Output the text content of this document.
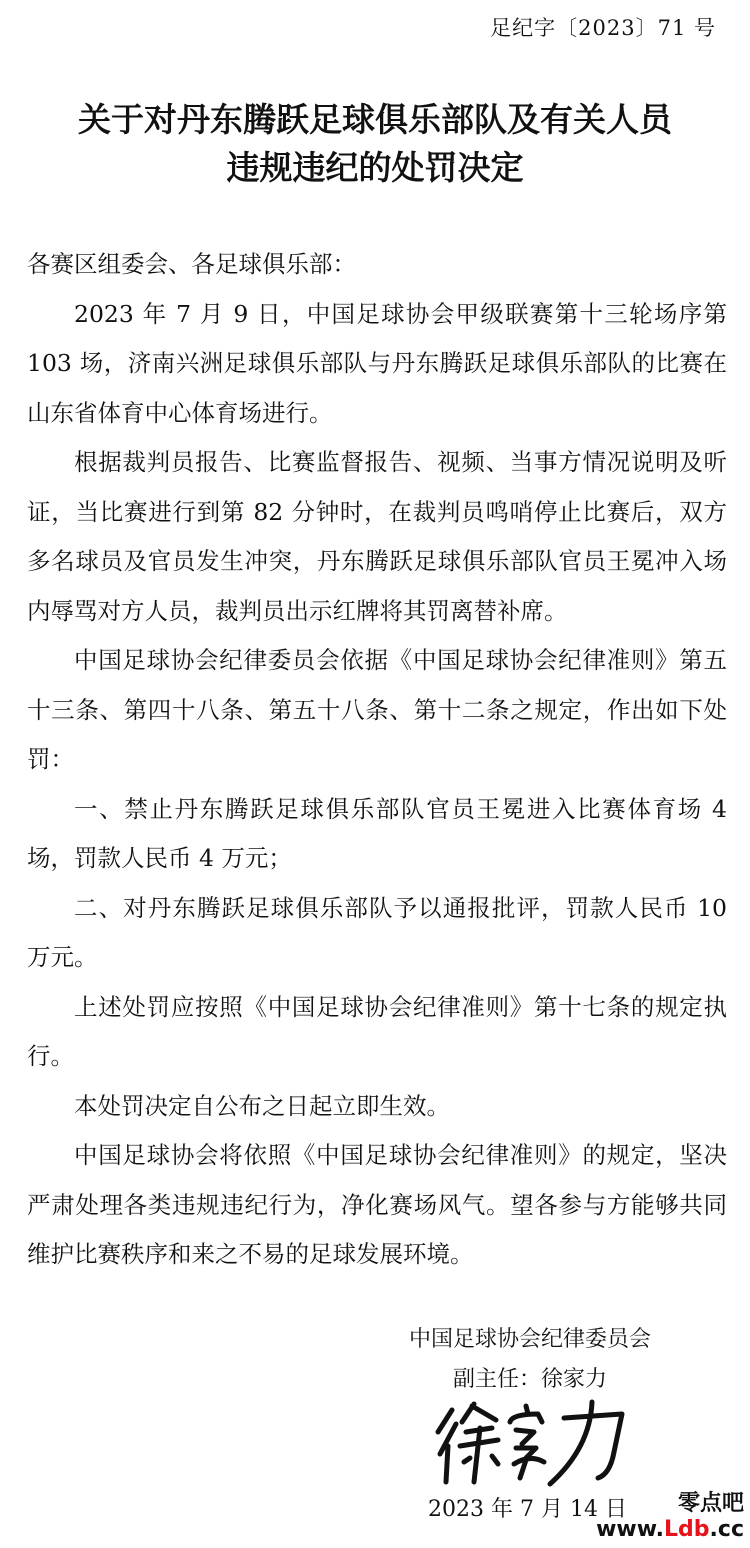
足纪字〔2023〕71 号
关于对丹东腾跃足球俱乐部队及有关人员
违规违纪的处罚决定

各赛区组委会、各足球俱乐部：

2023 年 7 月 9 日，中国足球协会甲级联赛第十三轮场序第 103 场，济南兴洲足球俱乐部队与丹东腾跃足球俱乐部队的比赛在山东省体育中心体育场进行。

根据裁判员报告、比赛监督报告、视频、当事方情况说明及听证，当比赛进行到第 82 分钟时，在裁判员鸣哨停止比赛后，双方多名球员及官员发生冲突，丹东腾跃足球俱乐部队官员王冕冲入场内辱骂对方人员，裁判员出示红牌将其罚离替补席。

中国足球协会纪律委员会依据《中国足球协会纪律准则》第五十三条、第四十八条、第五十八条、第十二条之规定，作出如下处罚：

一、禁止丹东腾跃足球俱乐部队官员王冕进入比赛体育场 4 场，罚款人民币 4 万元；

二、对丹东腾跃足球俱乐部队予以通报批评，罚款人民币 10 万元。

上述处罚应按照《中国足球协会纪律准则》第十七条的规定执行。

本处罚决定自公布之日起立即生效。

中国足球协会将依照《中国足球协会纪律准则》的规定，坚决严肃处理各类违规违纪行为，净化赛场风气。望各参与方能够共同维护比赛秩序和来之不易的足球发展环境。

中国足球协会纪律委员会
副主任：徐家力
2023 年 7 月 14 日	零点吧
www.Ldb.cc
